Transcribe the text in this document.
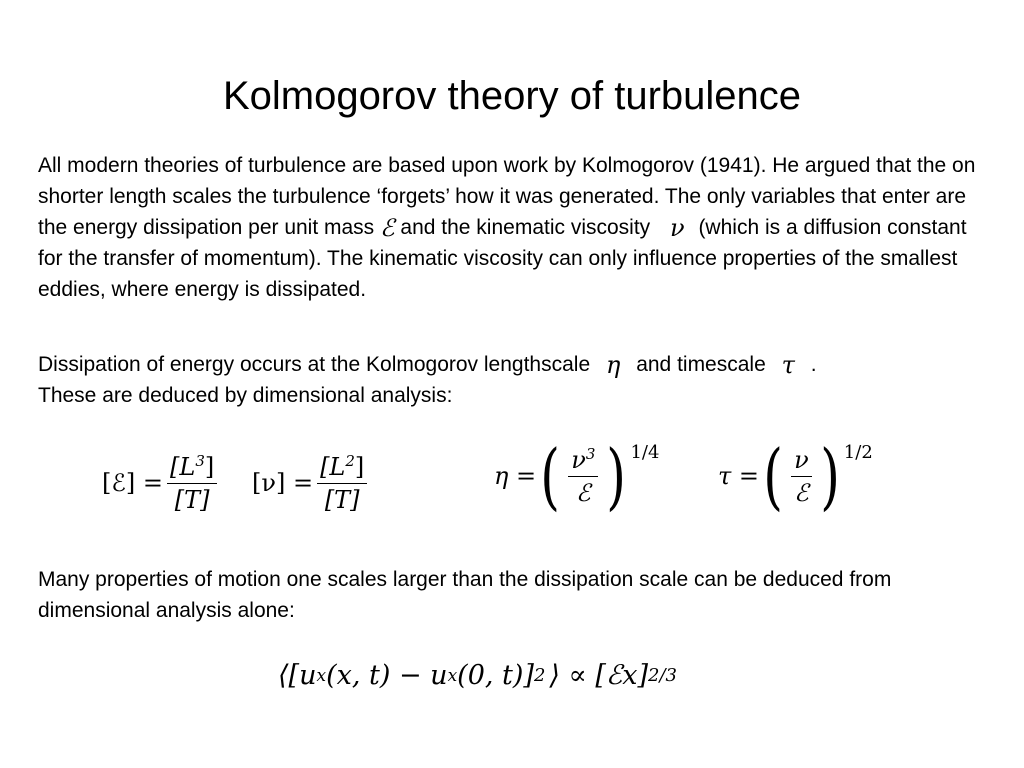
Kolmogorov theory of turbulence
All modern theories of turbulence are based upon work by Kolmogorov (1941). He argued that the on shorter length scales the turbulence ‘forgets’ how it was generated. The only variables that enter are the energy dissipation per unit mass ℰ and the kinematic viscosity ν (which is a diffusion constant for the transfer of momentum). The kinematic viscosity can only influence properties of the smallest eddies, where energy is dissipated.
Dissipation of energy occurs at the Kolmogorov lengthscale η and timescale τ .
These are deduced by dimensional analysis:
[ℰ] = $\frac{[L^3]}{[T]} [\nu] = \frac{[L^2]}{[T]}$	η = ( $\frac{\nu^3}{\text{ℰ}} )^{1/4}$
τ = ( $\frac{\nu}{\text{ℰ}} )^{1/2}$
Many properties of motion one scales larger than the dissipation scale can be deduced from dimensional analysis alone:
⟨[u x (x, t) − u x (0, t)] 2 ⟩ ∝ [ℰx] 2/3
